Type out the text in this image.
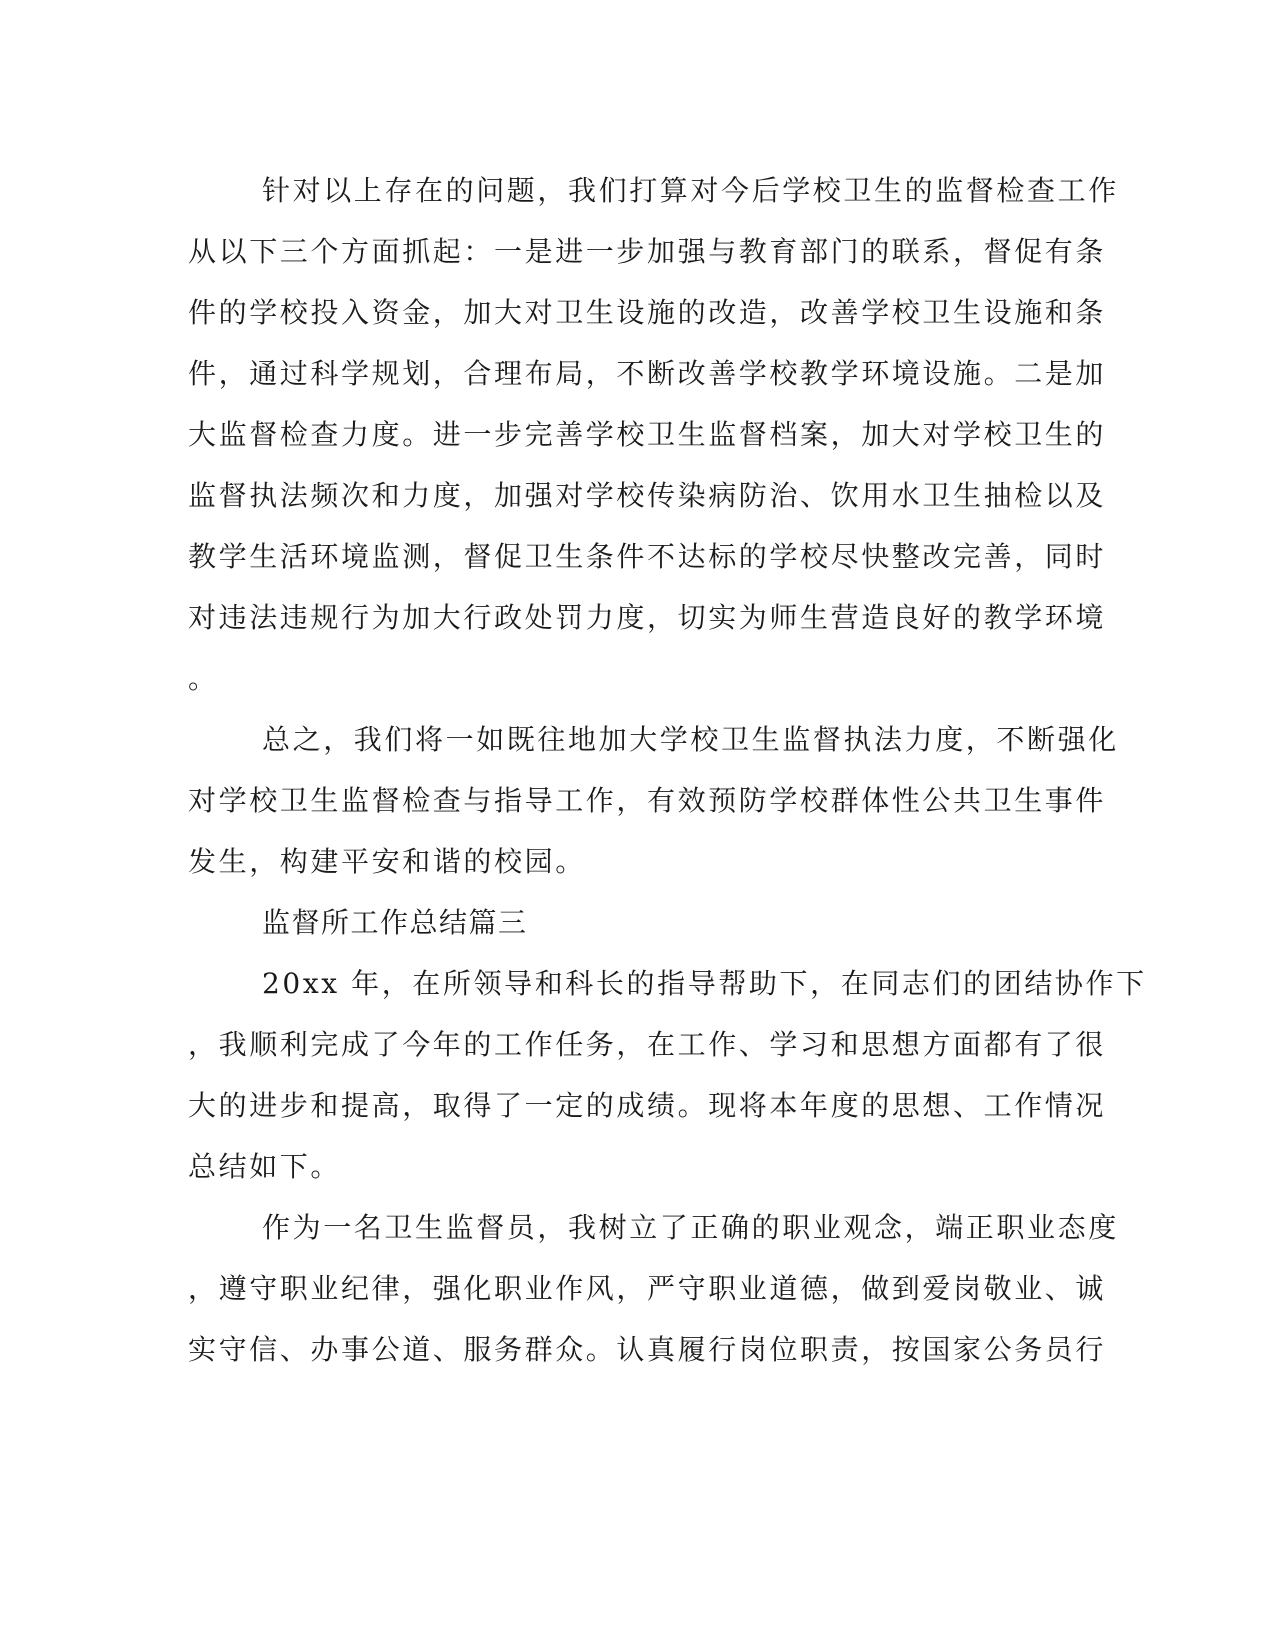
针对以上存在的问题，我们打算对今后学校卫生的监督检查工作
从以下三个方面抓起：一是进一步加强与教育部门的联系，督促有条
件的学校投入资金，加大对卫生设施的改造，改善学校卫生设施和条
件，通过科学规划，合理布局，不断改善学校教学环境设施。二是加
大监督检查力度。进一步完善学校卫生监督档案，加大对学校卫生的
监督执法频次和力度，加强对学校传染病防治、饮用水卫生抽检以及
教学生活环境监测，督促卫生条件不达标的学校尽快整改完善，同时
对违法违规行为加大行政处罚力度，切实为师生营造良好的教学环境
。
总之，我们将一如既往地加大学校卫生监督执法力度，不断强化
对学校卫生监督检查与指导工作，有效预防学校群体性公共卫生事件
发生，构建平安和谐的校园。
监督所工作总结篇三
20xx 年，在所领导和科长的指导帮助下，在同志们的团结协作下
，我顺利完成了今年的工作任务，在工作、学习和思想方面都有了很
大的进步和提高，取得了一定的成绩。现将本年度的思想、工作情况
总结如下。
作为一名卫生监督员，我树立了正确的职业观念，端正职业态度
，遵守职业纪律，强化职业作风，严守职业道德，做到爱岗敬业、诚
实守信、办事公道、服务群众。认真履行岗位职责，按国家公务员行
